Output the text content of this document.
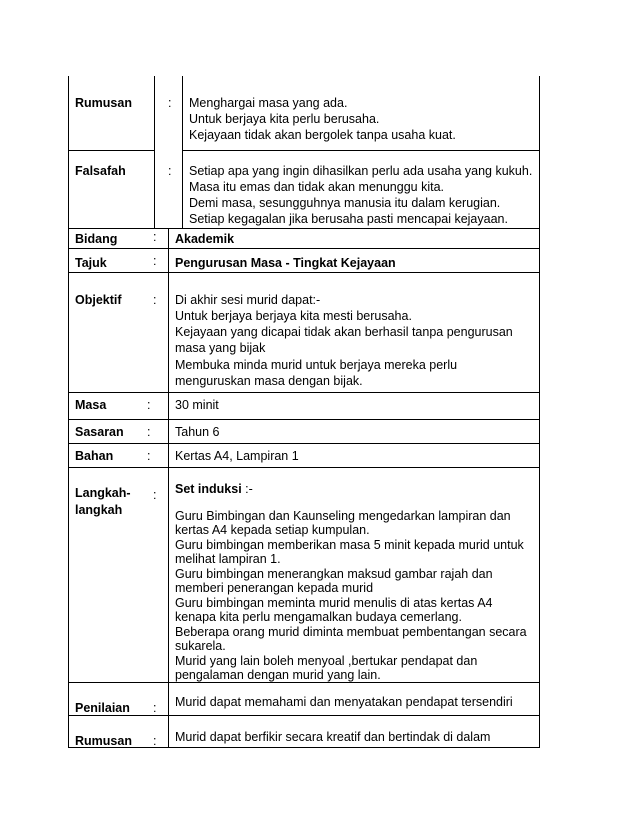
Rumusan	: Menghargai masa yang ada.
Untuk berjaya kita perlu berusaha.
Kejayaan tidak akan bergolek tanpa usaha kuat.
Falsafah	: Setiap apa yang ingin dihasilkan perlu ada usaha yang kukuh.
Masa itu emas dan tidak akan menunggu kita.
Demi masa, sesungguhnya manusia itu dalam kerugian.
Setiap kegagalan jika berusaha pasti mencapai kejayaan.
Bidang	: Akademik
Tajuk	: Pengurusan Masa - Tingkat Kejayaan
Objektif	: Di akhir sesi murid dapat:-
Untuk berjaya berjaya kita mesti berusaha.
Kejayaan yang dicapai tidak akan berhasil tanpa pengurusan
masa yang bijak
Membuka minda murid untuk berjaya mereka perlu
menguruskan masa dengan bijak.
Masa	: 30 minit
Sasaran : Tahun 6
Bahan	: Kertas A4, Lampiran 1
Langkah-
langkah
: Set induksi :-
Guru Bimbingan dan Kaunseling mengedarkan lampiran dan
kertas A4 kepada setiap kumpulan.
Guru bimbingan memberikan masa 5 minit kepada murid untuk
melihat lampiran 1.
Guru bimbingan menerangkan maksud gambar rajah dan
memberi penerangan kepada murid
Guru bimbingan meminta murid menulis di atas kertas A4
kenapa kita perlu mengamalkan budaya cemerlang.
Beberapa orang murid diminta membuat pembentangan secara
sukarela.
Murid yang lain boleh menyoal ,bertukar pendapat dan
pengalaman dengan murid yang lain.
Penilaian : Murid dapat memahami dan menyatakan pendapat tersendiri
Rumusan : Murid dapat berfikir secara kreatif dan bertindak di dalam
